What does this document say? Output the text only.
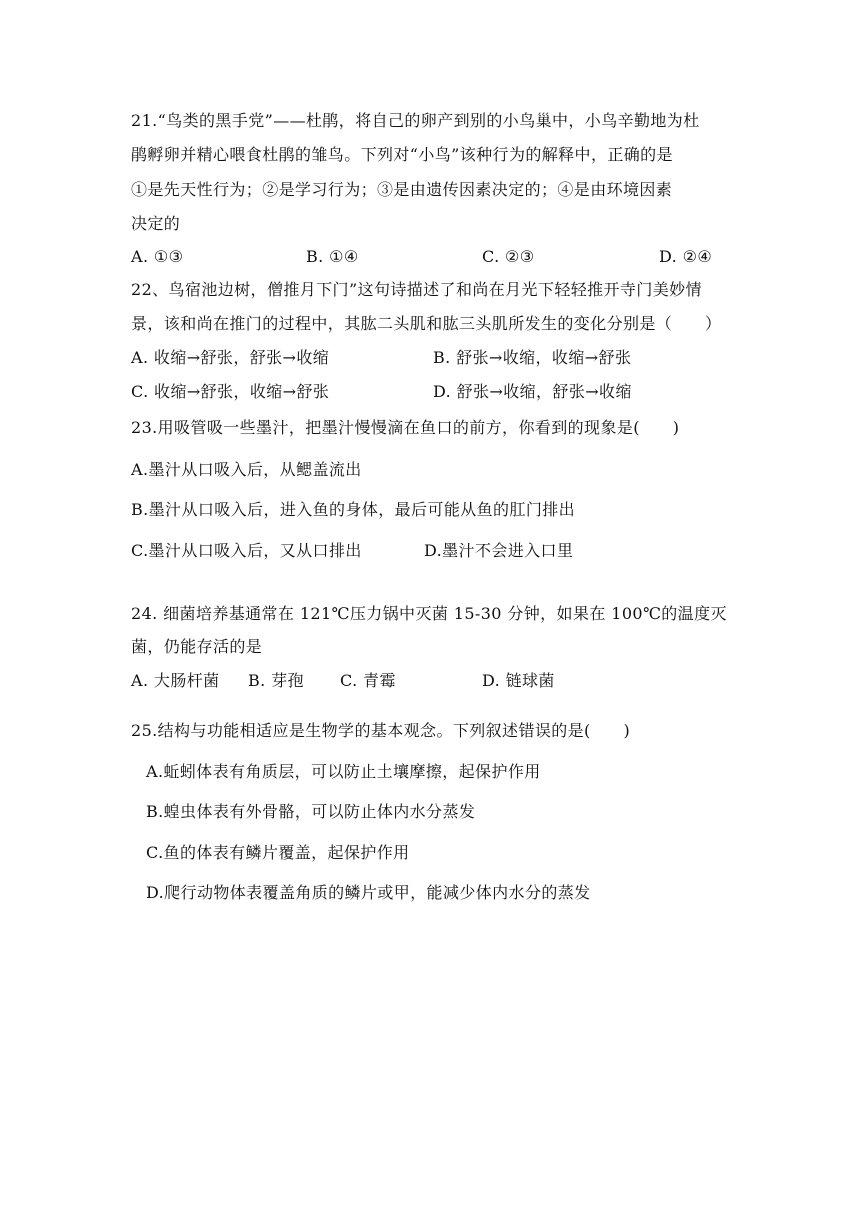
21.“鸟类的黑手党”——杜鹃，将自己的卵产到别的小鸟巢中，小鸟辛勤地为杜

鹃孵卵并精心喂食杜鹃的雏鸟。下列对“小鸟”该种行为的解释中，正确的是

①是先天性行为；②是学习行为；③是由遗传因素决定的；④是由环境因素

决定的

A. ①③	B. ①④	C. ②③	D. ②④

22、鸟宿池边树，僧推月下门”这句诗描述了和尚在月光下轻轻推开寺门美妙情

景，该和尚在推门的过程中，其肱二头肌和肱三头肌所发生的变化分别是（　　）

A. 收缩→舒张，舒张→收缩	B. 舒张→收缩，收缩→舒张
C. 收缩→舒张，收缩→舒张	D. 舒张→收缩，舒张→收缩

23.用吸管吸一些墨汁，把墨汁慢慢滴在鱼口的前方，你看到的现象是(　　)

A.墨汁从口吸入后，从鳃盖流出
B.墨汁从口吸入后，进入鱼的身体，最后可能从鱼的肛门排出
C.墨汁从口吸入后，又从口排出	D.墨汁不会进入口里

24. 细菌培养基通常在 121℃压力锅中灭菌 15-30 分钟，如果在 100℃的温度灭

菌，仍能存活的是

A. 大肠杆菌 B. 芽孢 C. 青霉	D. 链球菌

25.结构与功能相适应是生物学的基本观念。下列叙述错误的是(　　)

A.蚯蚓体表有角质层，可以防止土壤摩擦，起保护作用
B.蝗虫体表有外骨骼，可以防止体内水分蒸发
C.鱼的体表有鳞片覆盖，起保护作用
D.爬行动物体表覆盖角质的鳞片或甲，能减少体内水分的蒸发
